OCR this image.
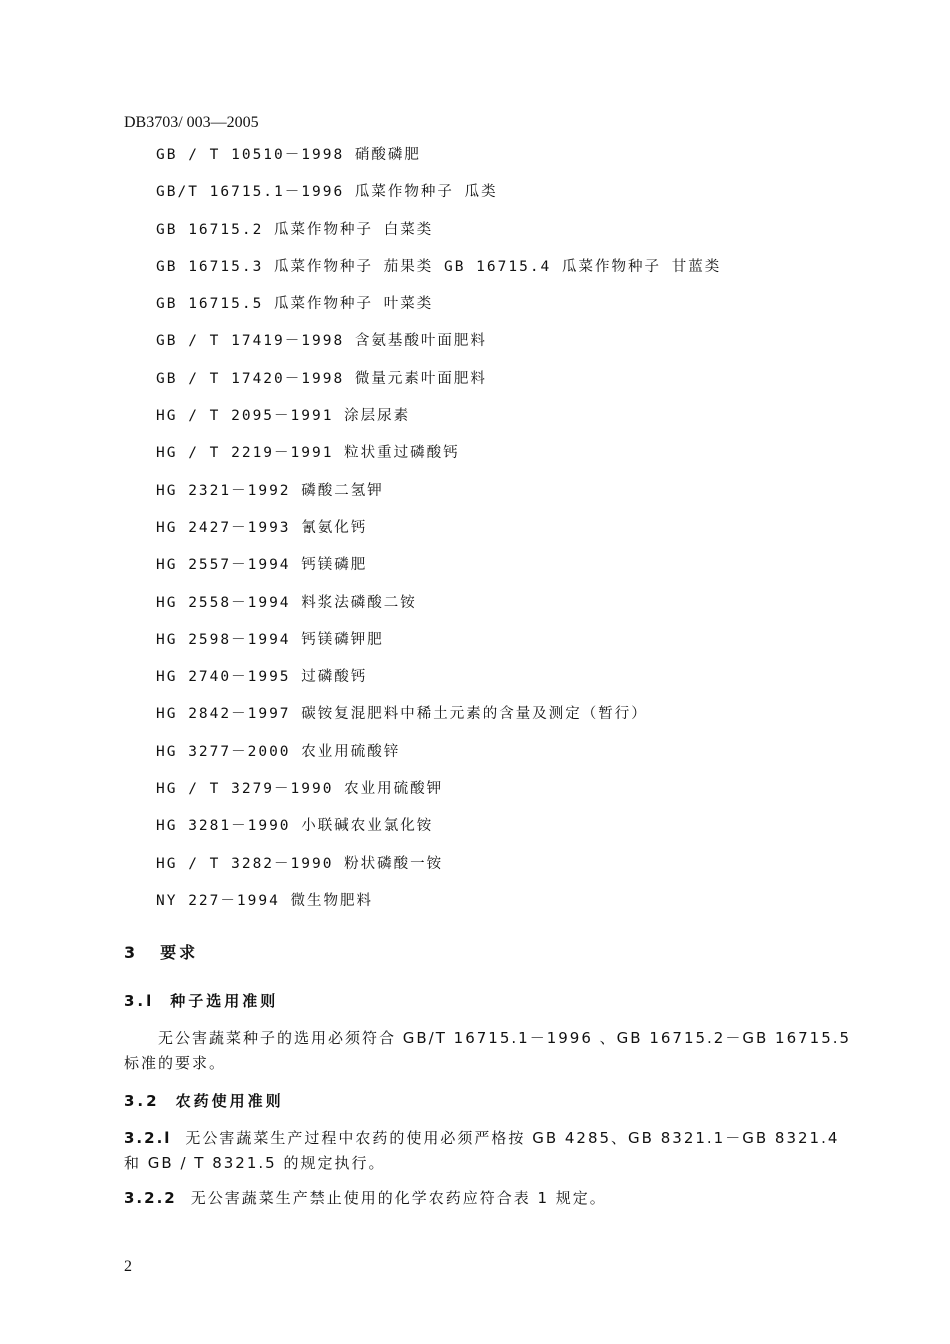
DB3703/ 003—2005
GB / T 10510－1998 硝酸磷肥
GB/T 16715.1－1996 瓜菜作物种子 瓜类
GB 16715.2 瓜菜作物种子 白菜类
GB 16715.3 瓜菜作物种子 茄果类 GB 16715.4 瓜菜作物种子 甘蓝类
GB 16715.5 瓜菜作物种子 叶菜类
GB / T 17419－1998 含氨基酸叶面肥料
GB / T 17420－1998 微量元素叶面肥料
HG / T 2095－1991 涂层尿素
HG / T 2219－1991 粒状重过磷酸钙
HG 2321－1992 磷酸二氢钾
HG 2427－1993 氰氨化钙
HG 2557－1994 钙镁磷肥
HG 2558－1994 料浆法磷酸二铵
HG 2598－1994 钙镁磷钾肥
HG 2740－1995 过磷酸钙
HG 2842－1997 碳铵复混肥料中稀土元素的含量及测定（暂行）
HG 3277－2000 农业用硫酸锌
HG / T 3279－1990 农业用硫酸钾
HG 3281－1990 小联碱农业氯化铵
HG / T 3282－1990 粉状磷酸一铵
NY 227－1994 微生物肥料
3 要求
3.l 种子选用准则
无公害蔬菜种子的选用必须符合 GB/T 16715.1－1996 、GB 16715.2－GB 16715.5 标准的要求。
3.2 农药使用准则
3.2.l 无公害蔬菜生产过程中农药的使用必须严格按 GB 4285、GB 8321.1－GB 8321.4 和 GB / T 8321.5 的规定执行。
3.2.2 无公害蔬菜生产禁止使用的化学农药应符合表 1 规定。
2
